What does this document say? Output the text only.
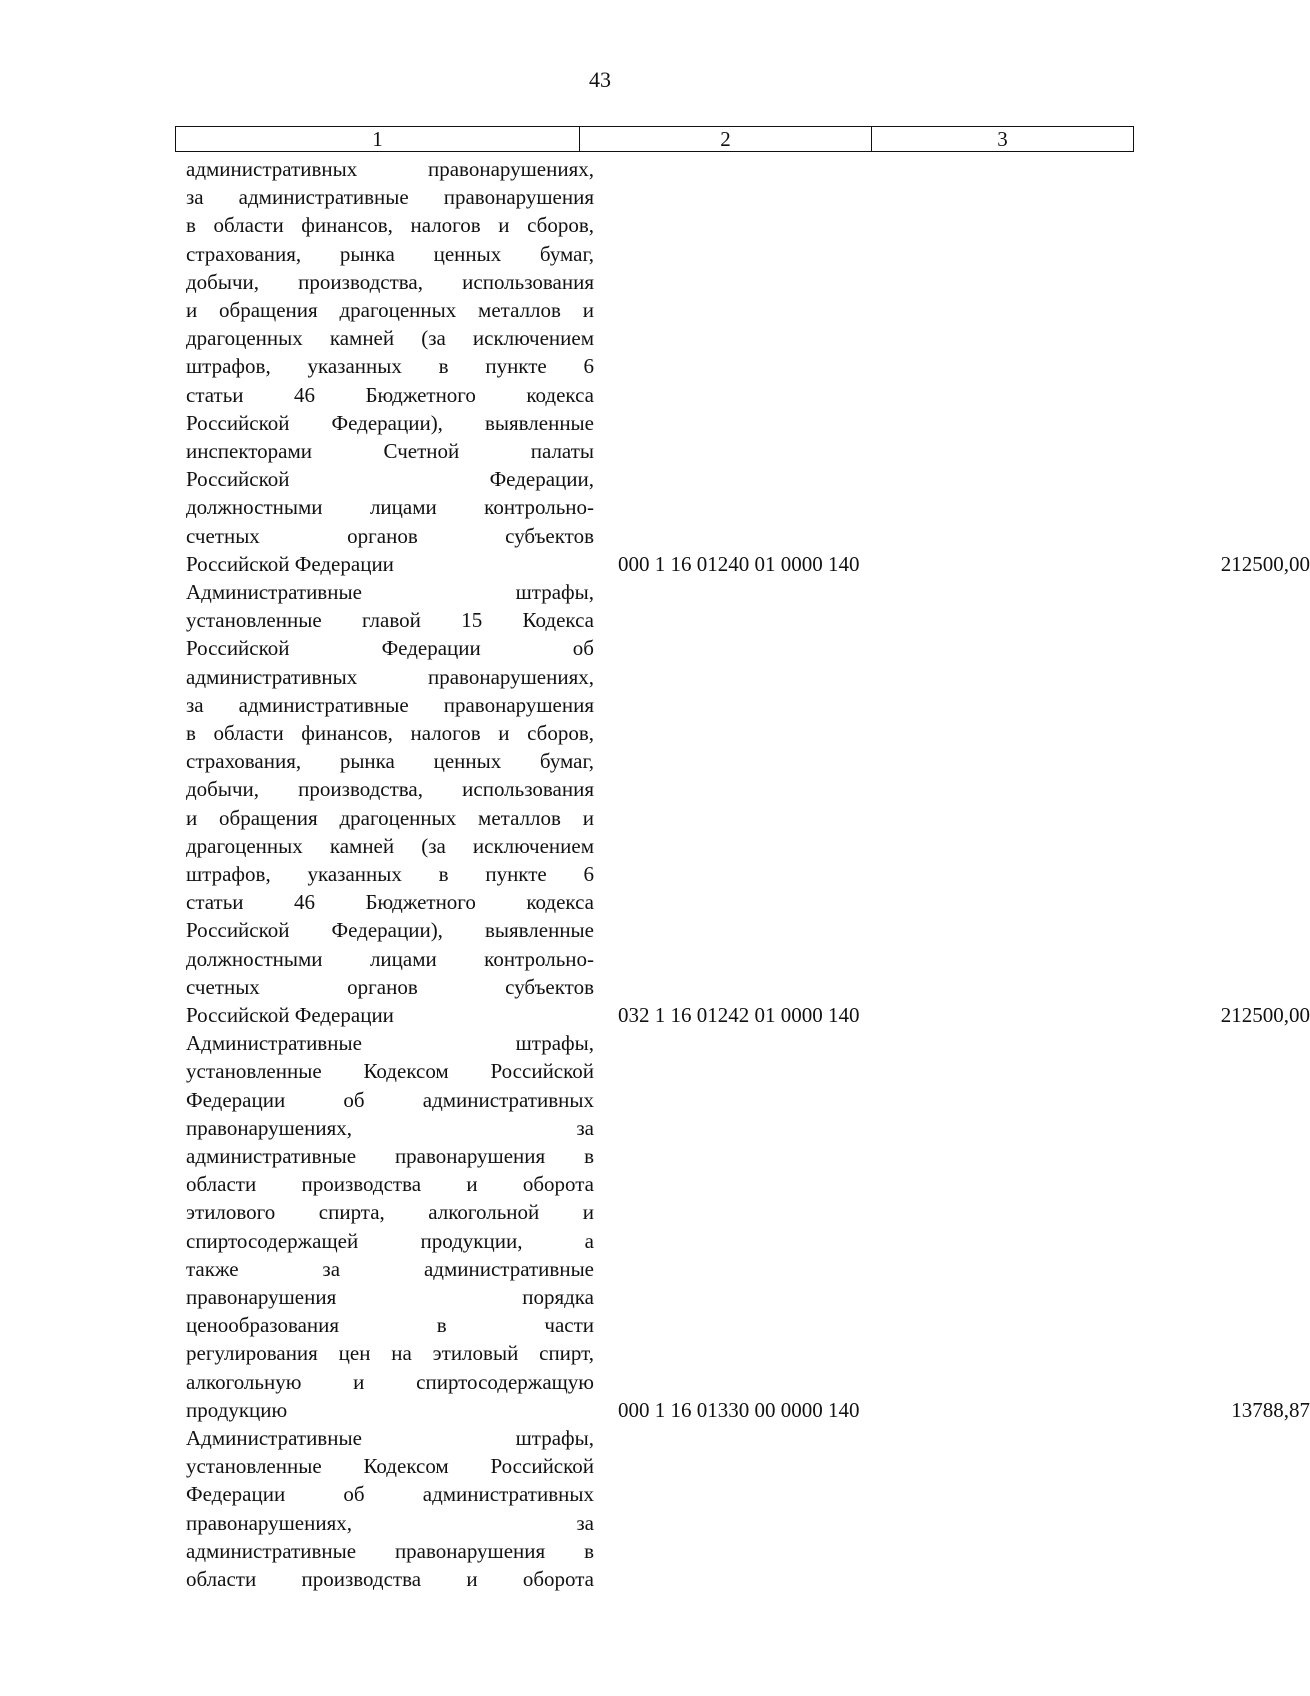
43
1	2	3
административных правонарушениях,
за административные правонарушения
в области финансов, налогов и сборов,
страхования, рынка ценных бумаг,
добычи, производства, использования
и обращения драгоценных металлов и
драгоценных камней (за исключением
штрафов, указанных в пункте 6
статьи 46 Бюджетного кодекса
Российской Федерации), выявленные
инспекторами Счетной палаты
Российской Федерации,
должностными лицами контрольно-
счетных органов субъектов
Российской Федерации	000 1 16 01240 01 0000 140	212500,00
Административные штрафы,
установленные главой 15 Кодекса
Российской Федерации об
административных правонарушениях,
за административные правонарушения
в области финансов, налогов и сборов,
страхования, рынка ценных бумаг,
добычи, производства, использования
и обращения драгоценных металлов и
драгоценных камней (за исключением
штрафов, указанных в пункте 6
статьи 46 Бюджетного кодекса
Российской Федерации), выявленные
должностными лицами контрольно-
счетных органов субъектов
Российской Федерации	032 1 16 01242 01 0000 140	212500,00
Административные штрафы,
установленные Кодексом Российской
Федерации об административных
правонарушениях, за
административные правонарушения в
области производства и оборота
этилового спирта, алкогольной и
спиртосодержащей продукции, а
также за административные
правонарушения порядка
ценообразования в части
регулирования цен на этиловый спирт,
алкогольную и спиртосодержащую
продукцию	000 1 16 01330 00 0000 140	13788,87
Административные штрафы,
установленные Кодексом Российской
Федерации об административных
правонарушениях, за
административные правонарушения в
области производства и оборота
